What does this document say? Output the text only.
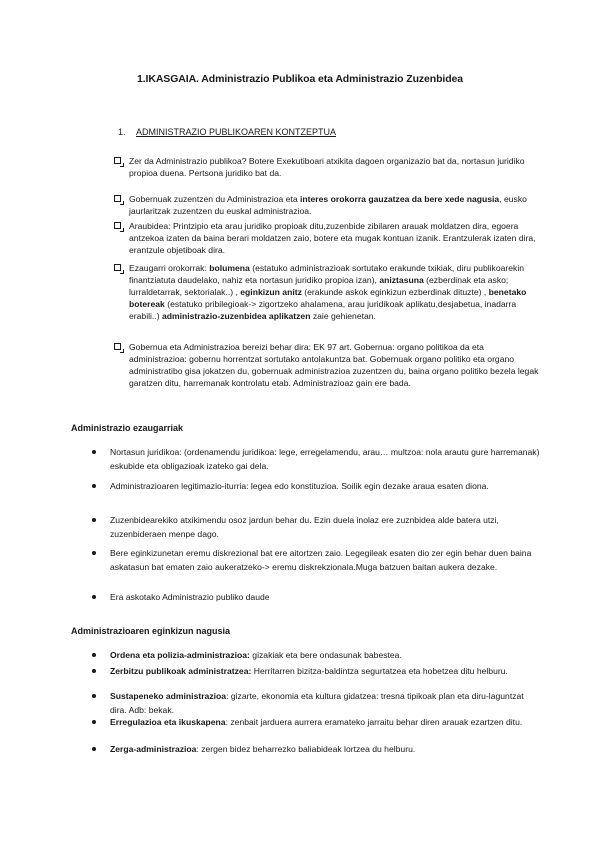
1.IKASGAIA. Administrazio Publikoa eta Administrazio Zuzenbidea
1. ADMINISTRAZIO PUBLIKOAREN KONTZEPTUA
Zer da Administrazio publikoa? Botere Exekutiboari atxikita dagoen organizazio bat da, nortasun juridiko propioa duena. Pertsona juridiko bat da.
Gobernuak zuzentzen du Administrazioa eta interes orokorra gauzatzea da bere xede nagusia, eusko jaurlaritzak zuzentzen du euskal administrazioa.
Araubidea: Printzipio eta arau juridiko propioak ditu,zuzenbide zibilaren arauak moldatzen dira, egoera antzekoa izaten da baina berari moldatzen zaio, botere eta mugak kontuan izanik. Erantzulerak izaten dira, erantzule objetiboak dira.
Ezaugarri orokorrak: bolumena (estatuko administrazioak sortutako erakunde txikiak, diru publikoarekin finantziatuta daudelako, nahiz eta nortasun juridiko propioa izan), aniztasuna (ezberdinak eta asko; lurraldetarrak, sektorialak..) , eginkizun anitz (erakunde askok eginkizun ezberdinak dituzte) , benetako botereak (estatuko pribilegioak-> zigortzeko ahalamena, arau juridikoak aplikatu,desjabetua, inadarra erabili..) administrazio-zuzenbidea aplikatzen zaie gehienetan.
Gobernua eta Administrazioa bereizi behar dira: EK 97 art. Gobernua: organo politikoa da eta administrazioa: gobernu horrentzat sortutako antolakuntza bat. Gobernuak organo politiko eta organo administratibo gisa jokatzen du, gobernuak administrazioa zuzentzen du, baina organo politiko bezela legak garatzen ditu, harremanak kontrolatu etab. Administrazioaz gain ere bada.
Administrazio ezaugarriak
Nortasun juridikoa: (ordenamendu juridikoa: lege, erregelamendu, arau… multzoa: nola arautu gure harremanak) eskubide eta obligazioak izateko gai dela.
Administrazioaren legitimazio-iturria: legea edo konstituzioa. Soilik egin dezake araua esaten diona.
Zuzenbidearekiko atxikimendu osoz jardun behar du. Ezin duela inolaz ere zuznbidea alde batera utzi, zuzenbideraen menpe dago.
Bere eginkizunetan eremu diskrezional bat ere aitortzen zaio. Legegileak esaten dio zer egin behar duen baina askatasun bat ematen zaio aukeratzeko-> eremu diskrekzionala.Muga batzuen baitan aukera dezake.
Era askotako Administrazio publiko daude
Administrazioaren eginkizun nagusia
Ordena eta polizia-administrazioa: gizakiak eta bere ondasunak babestea.
Zerbitzu publikoak administratzea: Herritarren bizitza-baldintza segurtatzea eta hobetzea ditu helburu.
Sustapeneko administrazioa: gizarte, ekonomia eta kultura gidatzea: tresna tipikoak plan eta diru-laguntzat dira. Adb: bekak.
Erregulazioa eta ikuskapena: zenbait jarduera aurrera eramateko jarraitu behar diren arauak ezartzen ditu.
Zerga-administrazioa: zergen bidez beharrezko baliabideak lortzea du helburu.
